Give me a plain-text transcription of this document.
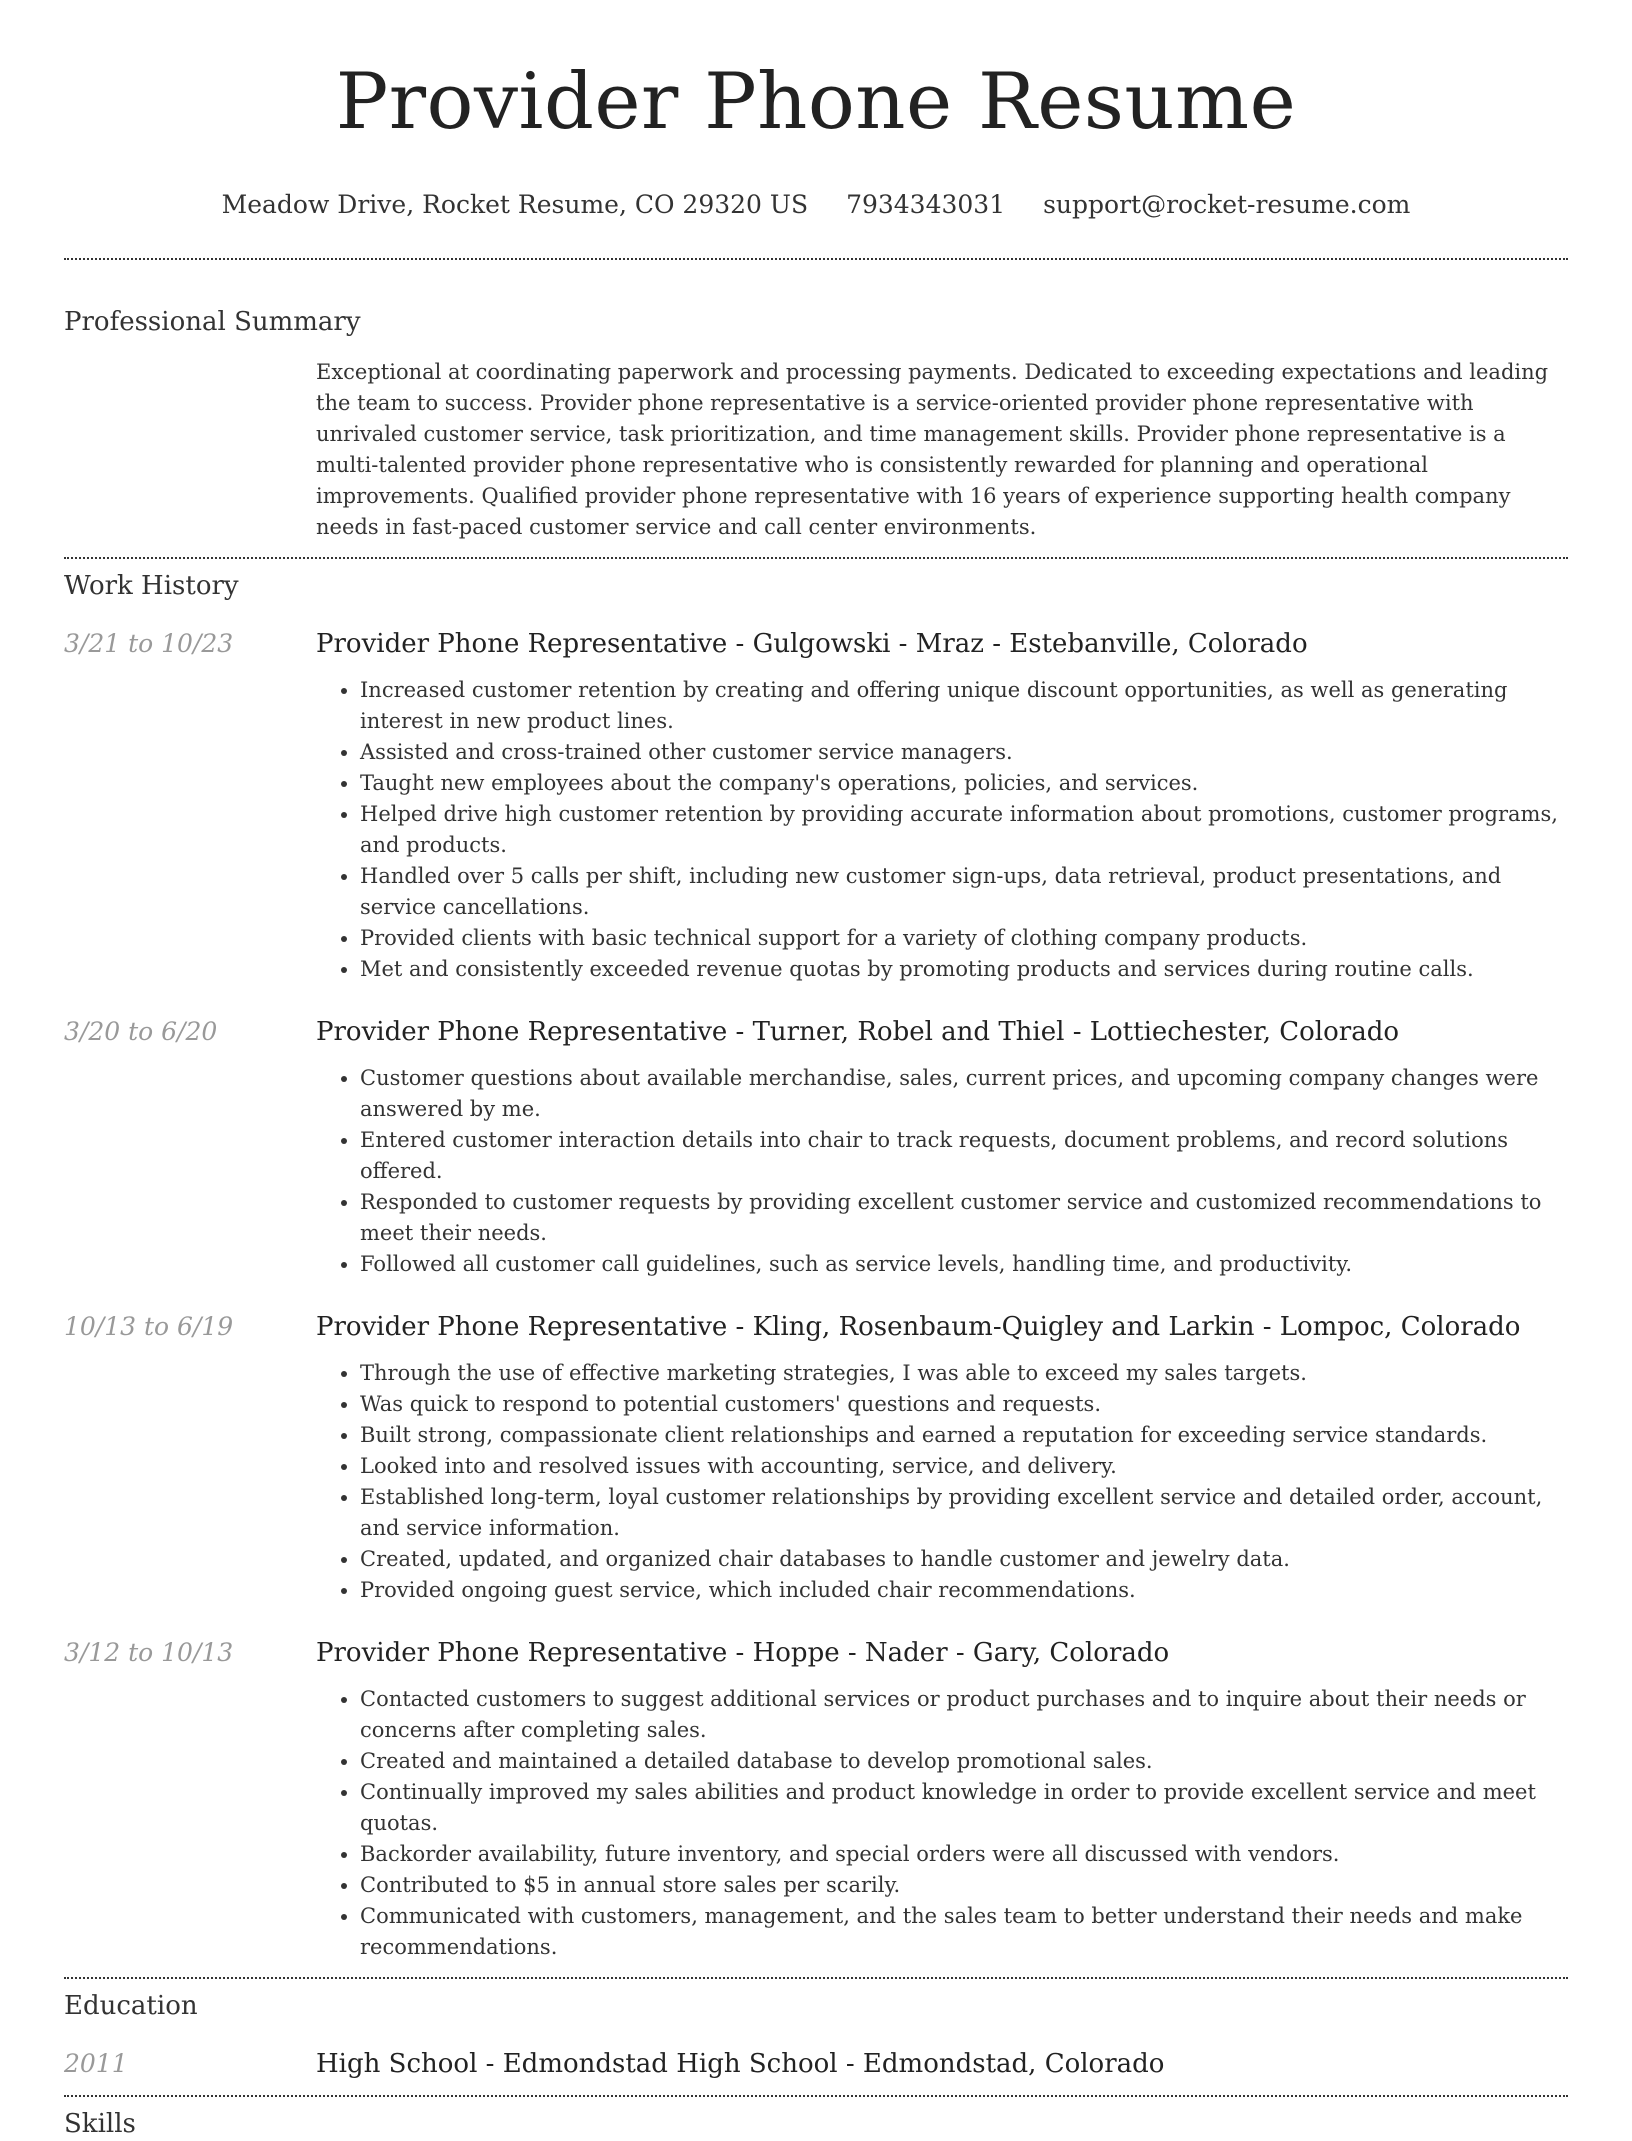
Provider Phone Resume
Meadow Drive, Rocket Resume, CO 29320 US 7934343031 support@rocket-resume.com
Professional Summary

Exceptional at coordinating paperwork and processing payments. Dedicated to exceeding expectations and leading the team to success. Provider phone representative is a service-oriented provider phone representative with unrivaled customer service, task prioritization, and time management skills. Provider phone representative is a multi-talented provider phone representative who is consistently rewarded for planning and operational improvements. Qualified provider phone representative with 16 years of experience supporting health company needs in fast-paced customer service and call center environments.

Work History
3/21 to 10/23	Provider Phone Representative - Gulgowski - Mraz - Estebanville, Colorado
• Increased customer retention by creating and offering unique discount opportunities, as well as generating interest in new product lines.
• Assisted and cross-trained other customer service managers.
• Taught new employees about the company's operations, policies, and services.
• Helped drive high customer retention by providing accurate information about promotions, customer programs, and products.
• Handled over 5 calls per shift, including new customer sign-ups, data retrieval, product presentations, and service cancellations.
• Provided clients with basic technical support for a variety of clothing company products.
• Met and consistently exceeded revenue quotas by promoting products and services during routine calls.
3/20 to 6/20	Provider Phone Representative - Turner, Robel and Thiel - Lottiechester, Colorado
• Customer questions about available merchandise, sales, current prices, and upcoming company changes were answered by me.
• Entered customer interaction details into chair to track requests, document problems, and record solutions offered.
• Responded to customer requests by providing excellent customer service and customized recommendations to meet their needs.
• Followed all customer call guidelines, such as service levels, handling time, and productivity.
10/13 to 6/19	Provider Phone Representative - Kling, Rosenbaum-Quigley and Larkin - Lompoc, Colorado
• Through the use of effective marketing strategies, I was able to exceed my sales targets.
• Was quick to respond to potential customers' questions and requests.
• Built strong, compassionate client relationships and earned a reputation for exceeding service standards.
• Looked into and resolved issues with accounting, service, and delivery.
• Established long-term, loyal customer relationships by providing excellent service and detailed order, account, and service information.
• Created, updated, and organized chair databases to handle customer and jewelry data.
• Provided ongoing guest service, which included chair recommendations.
3/12 to 10/13	Provider Phone Representative - Hoppe - Nader - Gary, Colorado
• Contacted customers to suggest additional services or product purchases and to inquire about their needs or concerns after completing sales.
• Created and maintained a detailed database to develop promotional sales.
• Continually improved my sales abilities and product knowledge in order to provide excellent service and meet quotas.
• Backorder availability, future inventory, and special orders were all discussed with vendors.
• Contributed to $5 in annual store sales per scarily.
• Communicated with customers, management, and the sales team to better understand their needs and make recommendations.
Education
2011	High School - Edmondstad High School - Edmondstad, Colorado
Skills
